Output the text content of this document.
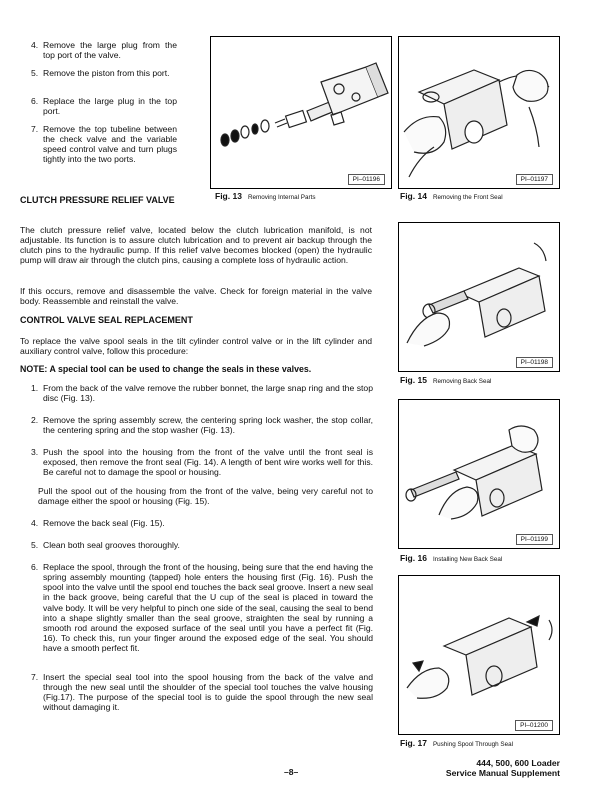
4. Remove the large plug from the top port of the valve.
5. Remove the piston from this port.
6. Replace the large plug in the top port.
7. Remove the top tubeline between the check valve and the variable speed control valve and turn plugs tightly into the two ports.
CLUTCH PRESSURE RELIEF VALVE
The clutch pressure relief valve, located below the clutch lubrication manifold, is not adjustable. Its function is to assure clutch lubrication and to prevent air backup through the clutch pins to the hydraulic pump. If this relief valve becomes blocked (open) the hydraulic pump will draw air through the clutch pins, causing a complete loss of hydraulic action.
If this occurs, remove and disassemble the valve. Check for foreign material in the valve body. Reassemble and reinstall the valve.
CONTROL VALVE SEAL REPLACEMENT
To replace the valve spool seals in the tilt cylinder control valve or in the lift cylinder and auxiliary control valve, follow this procedure:
NOTE: A special tool can be used to change the seals in these valves.
1. From the back of the valve remove the rubber bonnet, the large snap ring and the stop disc (Fig. 13).
2. Remove the spring assembly screw, the centering spring lock washer, the stop collar, the centering spring and the stop washer (Fig. 13).
3. Push the spool into the housing from the front of the valve until the front seal is exposed, then remove the front seal (Fig. 14). A length of bent wire works well for this. Be careful not to damage the spool or housing.
Pull the spool out of the housing from the front of the valve, being very careful not to damage either the spool or housing (Fig. 15).
4. Remove the back seal (Fig. 15).
5. Clean both seal grooves thoroughly.
6. Replace the spool, through the front of the housing, being sure that the end having the spring assembly mounting (tapped) hole enters the housing first (Fig. 16). Push the spool into the valve until the spool end touches the back seal groove. Insert a new seal in the back groove, being careful that the U cup of the seal is placed in toward the valve body. It will be very helpful to pinch one side of the seal, causing the seal to bend into a shape slightly smaller than the seal groove, straighten the seal by running a smooth rod around the exposed surface of the seal until you have a perfect fit (Fig. 16). To check this, run your finger around the exposed edge of the seal. You should have a smooth perfect fit.
7. Insert the special seal tool into the spool housing from the back of the valve and through the new seal until the shoulder of the special tool touches the valve housing (Fig.17). The purpose of the special tool is to guide the spool through the new seal without damaging it.
PI–01196
Fig. 13 Removing Internal Parts
PI–01197
Fig. 14 Removing the Front Seal
PI–01198
Fig. 15 Removing Back Seal
PI–01199
Fig. 16 Installing New Back Seal
PI–01200
Fig. 17 Pushing Spool Through Seal
–8–
444, 500, 600 Loader
Service Manual Supplement
